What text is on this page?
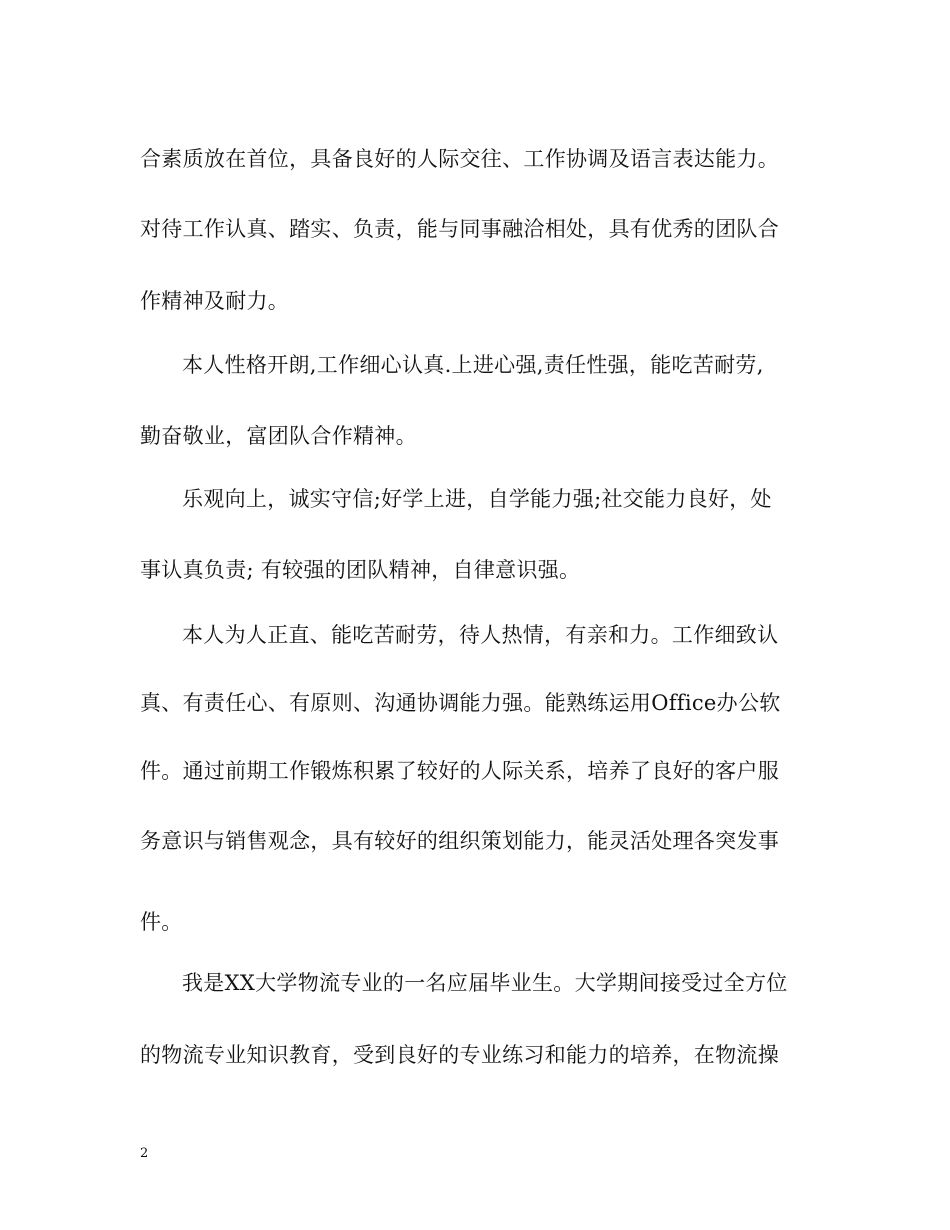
合素质放在首位，具备良好的人际交往、工作协调及语言表达能力。
对待工作认真、踏实、负责，能与同事融洽相处，具有优秀的团队合
作精神及耐力。
本人性格开朗,工作细心认真.上进心强,责任性强，能吃苦耐劳,
勤奋敬业，富团队合作精神。
乐观向上，诚实守信;好学上进，自学能力强;社交能力良好，处
事认真负责; 有较强的团队精神，自律意识强。
本人为人正直、能吃苦耐劳，待人热情，有亲和力。工作细致认
真、有责任心、有原则、沟通协调能力强。能熟练运用Office办公软
件。通过前期工作锻炼积累了较好的人际关系，培养了良好的客户服
务意识与销售观念，具有较好的组织策划能力，能灵活处理各突发事
件。
我是XX大学物流专业的一名应届毕业生。大学期间接受过全方位
的物流专业知识教育，受到良好的专业练习和能力的培养，在物流操
2
